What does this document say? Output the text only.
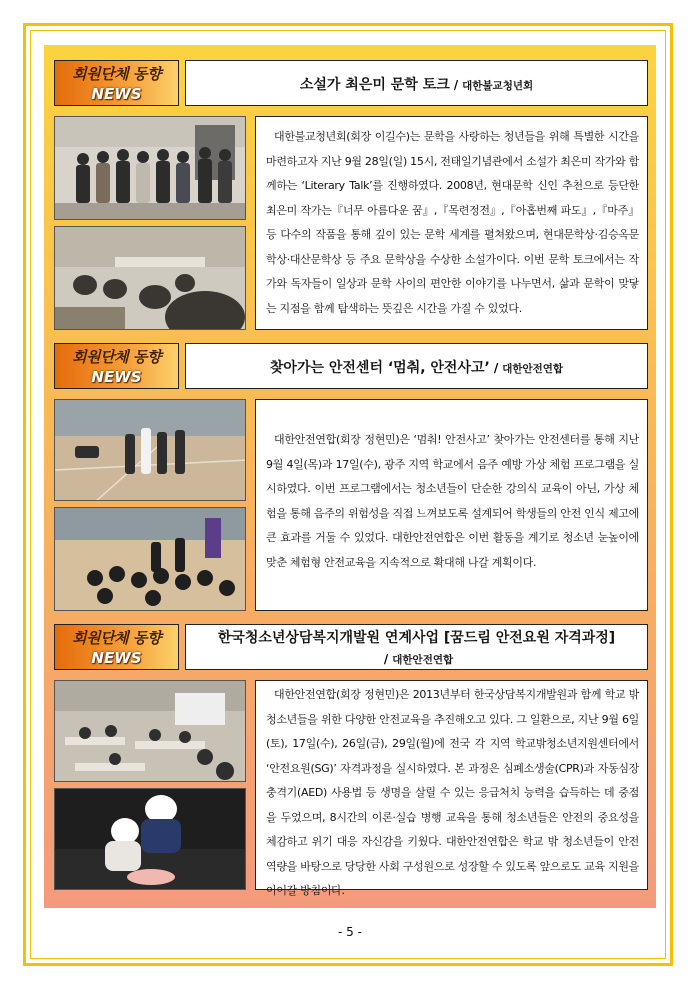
회원단체 동향
NEWS	소설가 최은미 문학 토크 / 대한불교청년회
대한불교청년회(회장 이길수)는 문학을 사랑하는 청년들을 위해 특별한 시간을 마련하고자 지난 9월 28일(일) 15시, 전태일기념관에서 소설가 최은미 작가와 함께하는 ‘Literary Talk’를 진행하였다. 2008년, 현대문학 신인 추천으로 등단한 최은미 작가는『너무 아름다운 꿈』,『목련정전』,『아홉번째 파도』,『마주』등 다수의 작품을 통해 깊이 있는 문학 세계를 펼쳐왔으며, 현대문학상·김승옥문학상·대산문학상 등 주요 문학상을 수상한 소설가이다. 이번 문학 토크에서는 작가와 독자들이 일상과 문학 사이의 편안한 이야기를 나누면서, 삶과 문학이 맞닿는 지점을 함께 탐색하는 뜻깊은 시간을 가질 수 있었다.
회원단체 동향
NEWS	찾아가는 안전센터 ‘멈춰, 안전사고’ / 대한안전연합
대한안전연합(회장 정현민)은 ‘멈춰! 안전사고’ 찾아가는 안전센터를 통해 지난 9월 4일(목)과 17일(수), 광주 지역 학교에서 음주 예방 가상 체험 프로그램을 실시하였다. 이번 프로그램에서는 청소년들이 단순한 강의식 교육이 아닌, 가상 체험을 통해 음주의 위험성을 직접 느껴보도록 설계되어 학생들의 안전 인식 제고에 큰 효과를 거둘 수 있었다. 대한안전연합은 이번 활동을 계기로 청소년 눈높이에 맞춘 체험형 안전교육을 지속적으로 확대해 나갈 계획이다.
회원단체 동향
NEWS
한국청소년상담복지개발원 연계사업 [꿈드림 안전요원 자격과정]
/ 대한안전연합
대한안전연합(회장 정현민)은 2013년부터 한국상담복지개발원과 함께 학교 밖 청소년들을 위한 다양한 안전교육을 추진해오고 있다. 그 일환으로, 지난 9월 6일(토), 17일(수), 26일(금), 29일(월)에 전국 각 지역 학교밖청소년지원센터에서 ‘안전요원(SG)’ 자격과정을 실시하였다. 본 과정은 심폐소생술(CPR)과 자동심장충격기(AED) 사용법 등 생명을 살릴 수 있는 응급처치 능력을 습득하는 데 중점을 두었으며, 8시간의 이론·실습 병행 교육을 통해 청소년들은 안전의 중요성을 체감하고 위기 대응 자신감을 키웠다. 대한안전연합은 학교 밖 청소년들이 안전 역량을 바탕으로 당당한 사회 구성원으로 성장할 수 있도록 앞으로도 교육 지원을 이어갈 방침이다.
- 5 -
